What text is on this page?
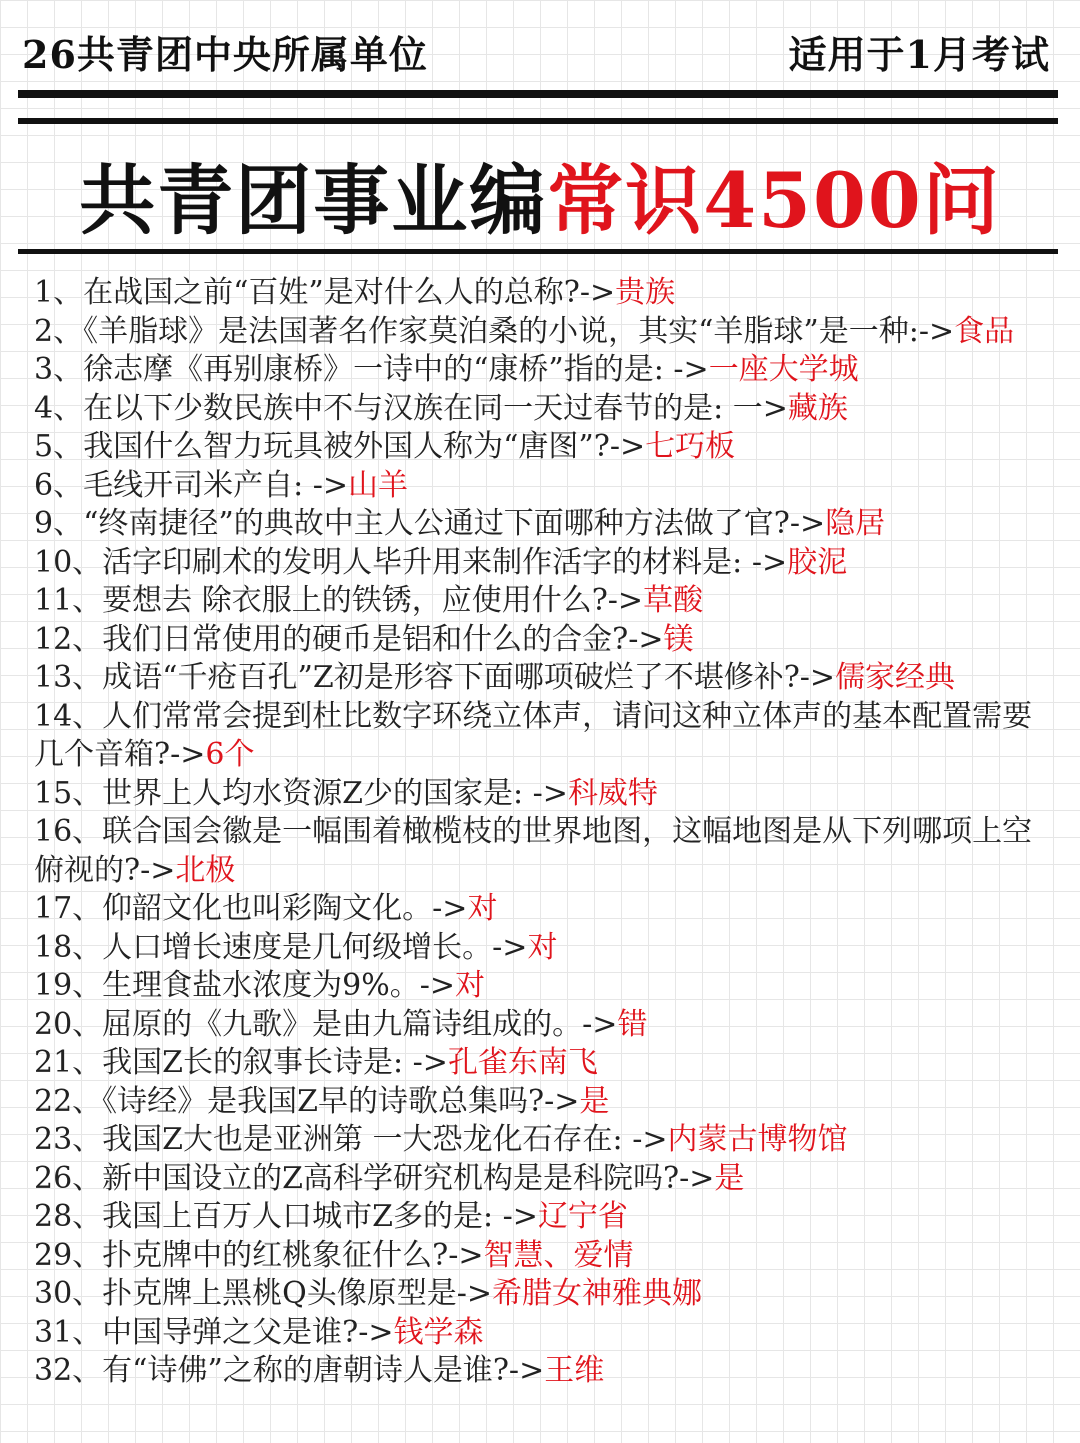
26共青团中央所属单位	适用于1月考试
共青团事业编常识4500问
1、在战国之前“百姓”是对什么人的总称?->贵族
2、《羊脂球》是法国著名作家莫泊桑的小说，其实“羊脂球”是一种:->食品
3、徐志摩《再别康桥》一诗中的“康桥”指的是: ->一座大学城
4、在以下少数民族中不与汉族在同一天过春节的是: 一>藏族
5、我国什么智力玩具被外国人称为“唐图”?->七巧板
6、毛线开司米产自: ->山羊
9、“终南捷径”的典故中主人公通过下面哪种方法做了官?->隐居
10、活字印刷术的发明人毕升用来制作活字的材料是: ->胶泥
11、要想去 除衣服上的铁锈，应使用什么?->草酸
12、我们日常使用的硬币是铝和什么的合金?->镁
13、成语“千疮百孔”Z初是形容下面哪项破烂了不堪修补?->儒家经典
14、人们常常会提到杜比数字环绕立体声，请问这种立体声的基本配置需要几个音箱?->6个
15、世界上人均水资源Z少的国家是: ->科威特
16、联合国会徽是一幅围着橄榄枝的世界地图，这幅地图是从下列哪项上空俯视的?->北极
17、仰韶文化也叫彩陶文化。->对
18、人口增长速度是几何级增长。->对
19、生理食盐水浓度为9%。->对
20、屈原的《九歌》是由九篇诗组成的。->错
21、我国Z长的叙事长诗是: ->孔雀东南飞
22、《诗经》是我国Z早的诗歌总集吗?->是
23、我国Z大也是亚洲第 一大恐龙化石存在: ->内蒙古博物馆
26、新中国设立的Z高科学研究机构是是科院吗?->是
28、我国上百万人口城市Z多的是: ->辽宁省
29、扑克牌中的红桃象征什么?->智慧、爱情
30、扑克牌上黑桃Q头像原型是->希腊女神雅典娜
31、中国导弹之父是谁?->钱学森
32、有“诗佛”之称的唐朝诗人是谁?->王维
